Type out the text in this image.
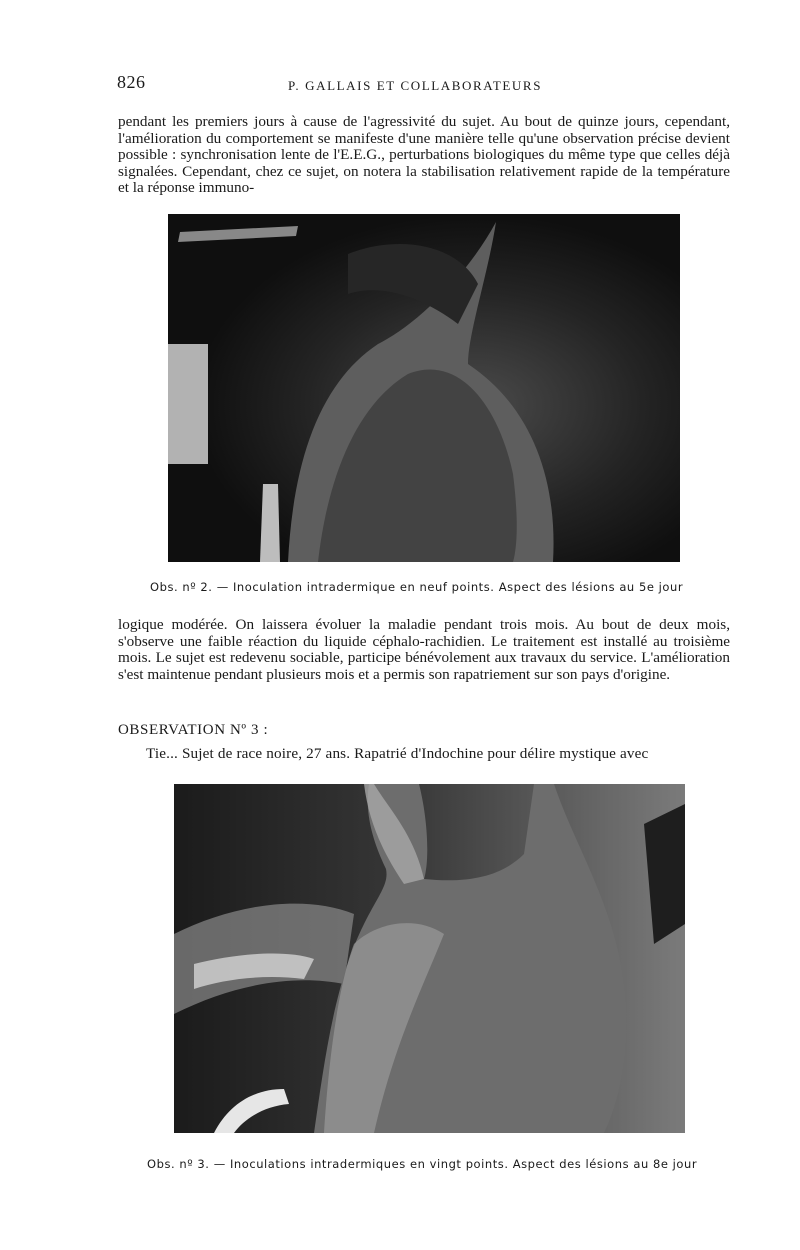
826	P. GALLAIS ET COLLABORATEURS

pendant les premiers jours à cause de l'agressivité du sujet. Au bout de quinze jours, cependant, l'amélioration du comportement se manifeste d'une manière telle qu'une observation précise devient possible : synchronisation lente de l'E.E.G., perturbations biologiques du même type que celles déjà signalées. Cependant, chez ce sujet, on notera la stabilisation relativement rapide de la température et la réponse immuno-

Obs. nº 2. — Inoculation intradermique en neuf points. Aspect des lésions au 5e jour

logique modérée. On laissera évoluer la maladie pendant trois mois. Au bout de deux mois, s'observe une faible réaction du liquide céphalo-rachidien. Le traitement est installé au troisième mois. Le sujet est redevenu sociable, participe bénévolement aux travaux du service. L'amélioration s'est maintenue pendant plusieurs mois et a permis son rapatriement sur son pays d'origine.

OBSERVATION Nº 3 :
Tie... Sujet de race noire, 27 ans. Rapatrié d'Indochine pour délire mystique avec
Obs. nº 3. — Inoculations intradermiques en vingt points. Aspect des lésions au 8e jour
